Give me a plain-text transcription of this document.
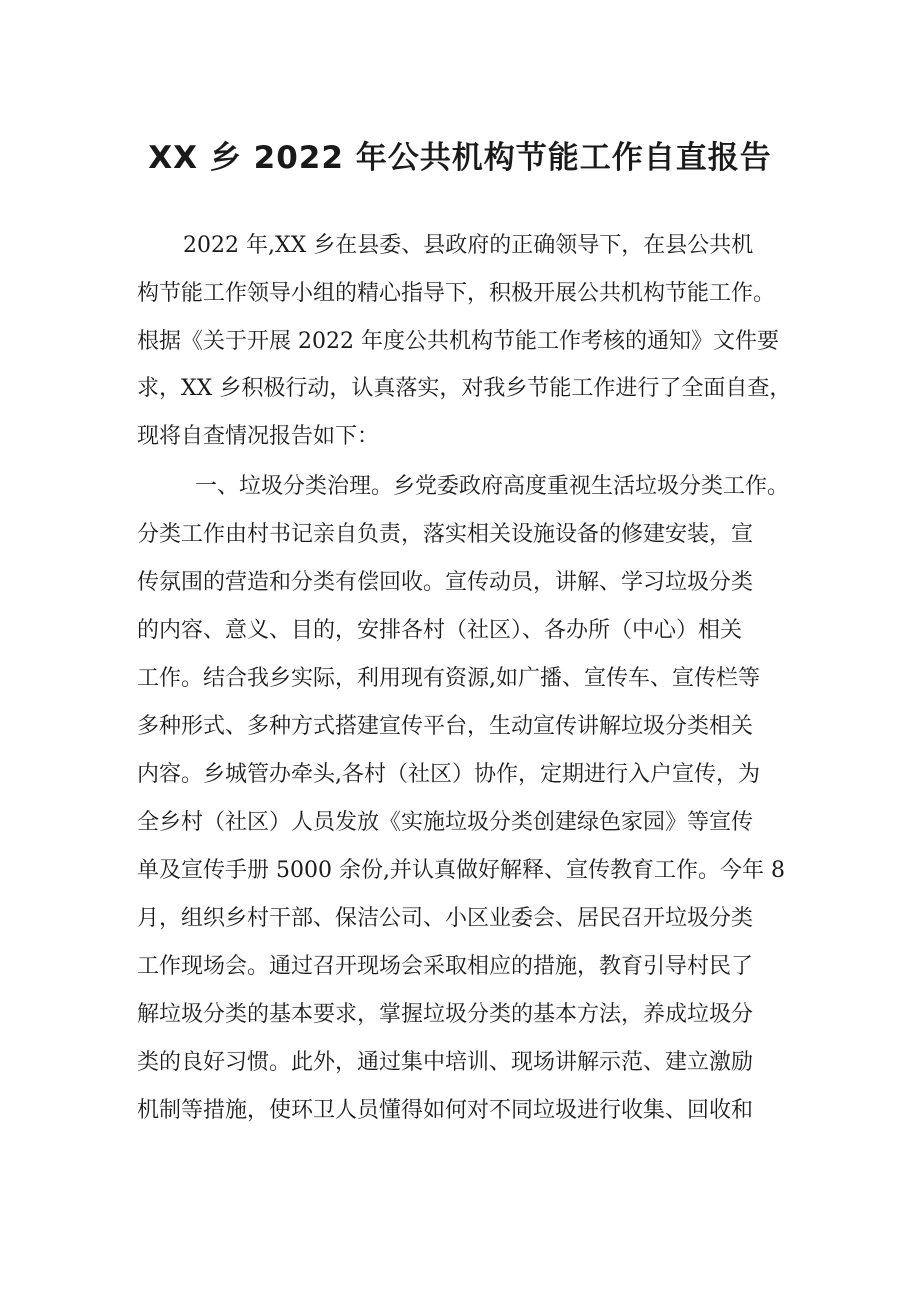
XX 乡 2022 年公共机构节能工作自直报告
2022 年,XX 乡在县委、县政府的正确领导下，在县公共机
构节能工作领导小组的精心指导下，积极开展公共机构节能工作。
根据《关于开展 2022 年度公共机构节能工作考核的通知》文件要
求，XX 乡积极行动，认真落实，对我乡节能工作进行了全面自查，
现将自查情况报告如下：
一、垃圾分类治理。乡党委政府高度重视生活垃圾分类工作。
分类工作由村书记亲自负责，落实相关设施设备的修建安装，宣
传氛围的营造和分类有偿回收。宣传动员，讲解、学习垃圾分类
的内容、意义、目的，安排各村（社区）、各办所（中心）相关
工作。结合我乡实际，利用现有资源,如广播、宣传车、宣传栏等
多种形式、多种方式搭建宣传平台，生动宣传讲解垃圾分类相关
内容。乡城管办牵头,各村（社区）协作，定期进行入户宣传，为
全乡村（社区）人员发放《实施垃圾分类创建绿色家园》等宣传
单及宣传手册 5000 余份,并认真做好解释、宣传教育工作。今年 8
月，组织乡村干部、保洁公司、小区业委会、居民召开垃圾分类
工作现场会。通过召开现场会采取相应的措施，教育引导村民了
解垃圾分类的基本要求，掌握垃圾分类的基本方法，养成垃圾分
类的良好习惯。此外，通过集中培训、现场讲解示范、建立激励
机制等措施，使环卫人员懂得如何对不同垃圾进行收集、回收和
